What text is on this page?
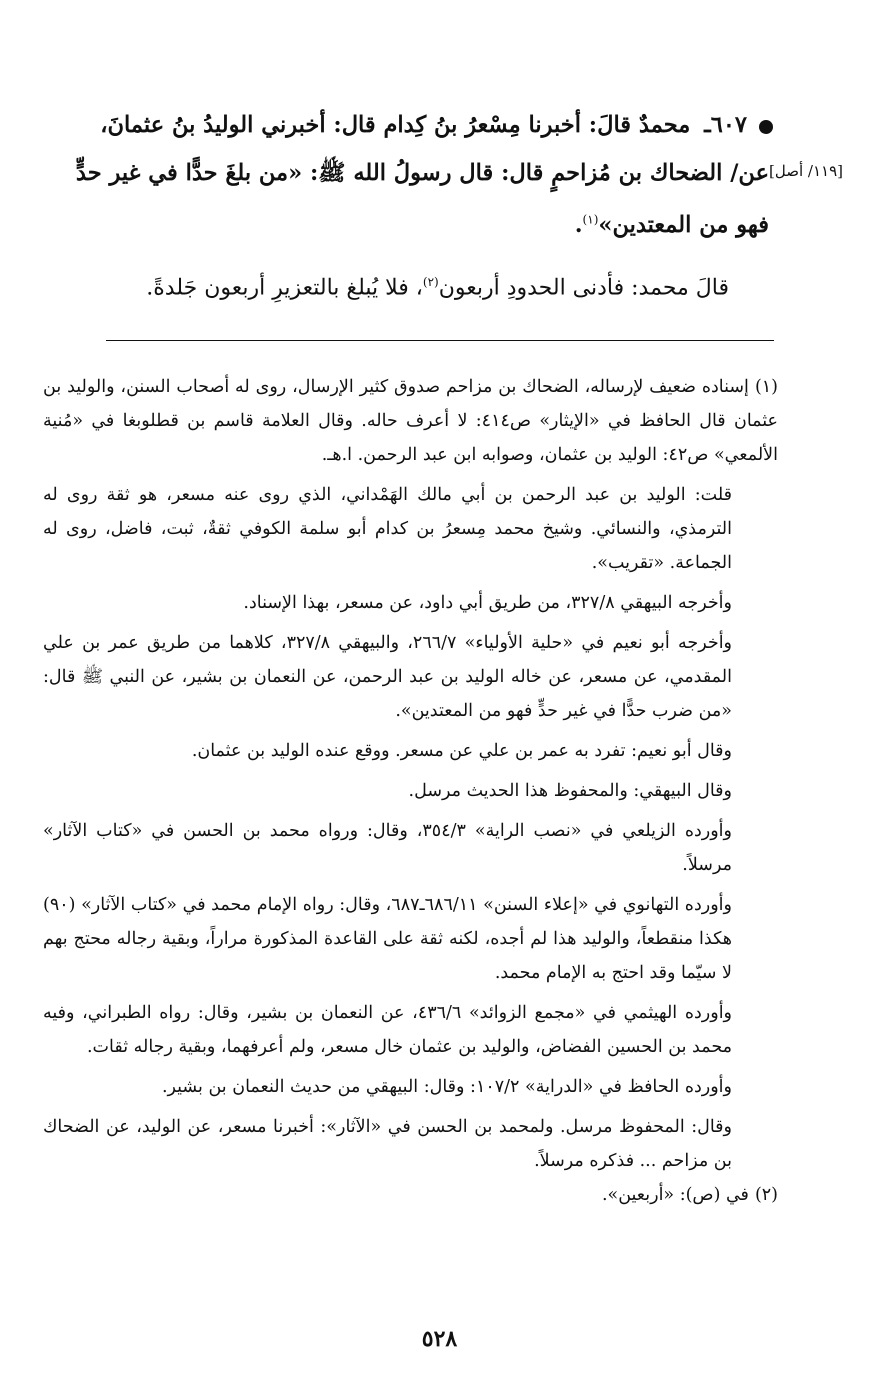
٦٠٧ـ محمدٌ قالَ: أخبرنا مِسْعرُ بنُ كِدام قال: أخبرني الوليدُ بنُ عثمانَ،
[١١٩/ أصل]
عن/ الضحاك بن مُزاحمٍ قال: قال رسولُ الله ﷺ: «من بلغَ حدًّا في غير حدٍّ
فهو من المعتدين»$^{(١)}$.
قالَ محمد: فأدنى الحدودِ أربعون$^{(٢)}$، فلا يُبلغ بالتعزيرِ أربعون جَلدةً.

(١)إسناده ضعيف لإرساله، الضحاك بن مزاحم صدوق كثير الإرسال، روى له أصحاب السنن، والوليد بن عثمان قال الحافظ في «الإيثار» ص٤١٤: لا أعرف حاله. وقال العلامة قاسم بن قطلوبغا في «مُنية الألمعي» ص٤٢: الوليد بن عثمان، وصوابه ابن عبد الرحمن. ا.هـ.

قلت: الوليد بن عبد الرحمن بن أبي مالك الهَمْداني، الذي روى عنه مسعر، هو ثقة روى له الترمذي، والنسائي. وشيخ محمد مِسعرُ بن كدام أبو سلمة الكوفي ثقةٌ، ثبت، فاضل، روى له الجماعة. «تقريب».

وأخرجه البيهقي ٣٢٧/٨، من طريق أبي داود، عن مسعر، بهذا الإسناد.

وأخرجه أبو نعيم في «حلية الأولياء» ٢٦٦/٧، والبيهقي ٣٢٧/٨، كلاهما من طريق عمر بن علي المقدمي، عن مسعر، عن خاله الوليد بن عبد الرحمن، عن النعمان بن بشير، عن النبي ﷺ قال: «من ضرب حدًّا في غير حدٍّ فهو من المعتدين».

وقال أبو نعيم: تفرد به عمر بن علي عن مسعر. ووقع عنده الوليد بن عثمان.

وقال البيهقي: والمحفوظ هذا الحديث مرسل.

وأورده الزيلعي في «نصب الراية» ٣٥٤/٣، وقال: ورواه محمد بن الحسن في «كتاب الآثار» مرسلاً.

وأورده التهانوي في «إعلاء السنن» ٦٨٦/١١ـ٦٨٧، وقال: رواه الإمام محمد في «كتاب الآثار» (٩٠) هكذا منقطعاً، والوليد هذا لم أجده، لكنه ثقة على القاعدة المذكورة مراراً، وبقية رجاله محتج بهم لا سيّما وقد احتج به الإمام محمد.

وأورده الهيثمي في «مجمع الزوائد» ٤٣٦/٦، عن النعمان بن بشير، وقال: رواه الطبراني، وفيه محمد بن الحسين الفضاض، والوليد بن عثمان خال مسعر، ولم أعرفهما، وبقية رجاله ثقات.

وأورده الحافظ في «الدراية» ١٠٧/٢: وقال: البيهقي من حديث النعمان بن بشير.

وقال: المحفوظ مرسل. ولمحمد بن الحسن في «الآثار»: أخبرنا مسعر، عن الوليد، عن الضحاك بن مزاحم ... فذكره مرسلاً.

(٢)في (ص): «أربعين».

٥٢٨
